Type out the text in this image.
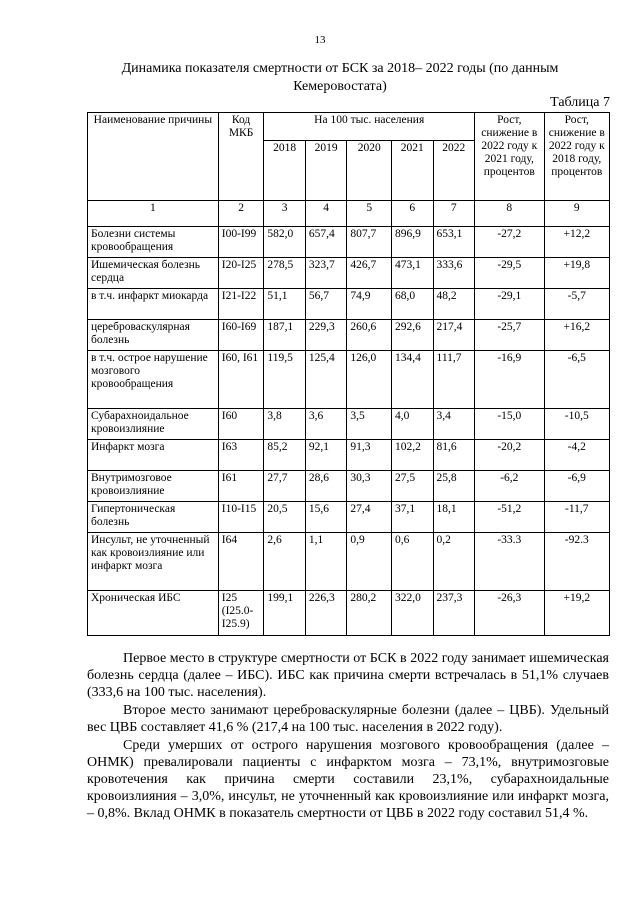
13
Динамика показателя смертности от БСК за 2018– 2022 годы (по данным Кемеровостата)
Таблица 7
Наименование причины	Код МКБ	На 100 тыс. населения					Рост, снижение в 2022 году к 2021 году, процентов	Рост, снижение в 2022 году к 2018 году, процентов
		2018	2019	2020	2021	2022		
1	2	3	4	5	6	7	8	9
Болезни системы кровообращения	I00-I99	582,0	657,4	807,7	896,9	653,1	-27,2	+12,2
Ишемическая болезнь сердца	I20-I25	278,5	323,7	426,7	473,1	333,6	-29,5	+19,8
в т.ч. инфаркт миокарда	I21-I22	51,1	56,7	74,9	68,0	48,2	-29,1	-5,7
цереброваскулярная болезнь	I60-I69	187,1	229,3	260,6	292,6	217,4	-25,7	+16,2
в т.ч. острое нарушение мозгового кровообращения	I60, I61	119,5	125,4	126,0	134,4	111,7	-16,9	-6,5
Субарахноидальное кровоизлияние	I60	3,8	3,6	3,5	4,0	3,4	-15,0	-10,5
Инфаркт мозга	I63	85,2	92,1	91,3	102,2	81,6	-20,2	-4,2
Внутримозговое кровоизлияние	I61	27,7	28,6	30,3	27,5	25,8	-6,2	-6,9
Гипертоническая болезнь	I10-I15	20,5	15,6	27,4	37,1	18,1	-51,2	-11,7
Инсульт, не уточненный как кровоизлияние или инфаркт мозга	I64	2,6	1,1	0,9	0,6	0,2	-33.3	-92.3
Хроническая ИБС	I25 (I25.0-I25.9)	199,1	226,3	280,2	322,0	237,3	-26,3	+19,2

Первое место в структуре смертности от БСК в 2022 году занимает ишемическая болезнь сердца (далее – ИБС). ИБС как причина смерти встречалась в 51,1% случаев (333,6 на 100 тыс. населения).

Второе место занимают цереброваскулярные болезни (далее – ЦВБ). Удельный вес ЦВБ составляет 41,6 % (217,4 на 100 тыс. населения в 2022 году).

Среди умерших от острого нарушения мозгового кровообращения (далее – ОНМК) превалировали пациенты с инфарктом мозга – 73,1%, внутримозговые кровотечения как причина смерти составили 23,1%, субарахноидальные кровоизлияния – 3,0%, инсульт, не уточненный как кровоизлияние или инфаркт мозга, – 0,8%. Вклад ОНМК в показатель смертности от ЦВБ в 2022 году составил 51,4 %.
